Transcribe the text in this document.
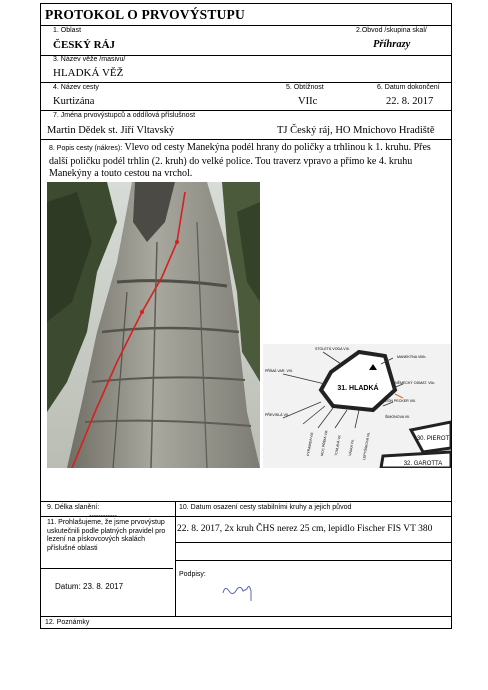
PROTOKOL O PRVOVÝSTUPU
1. Oblast
ČESKÝ RÁJ
2.Obvod /skupina skal/
Příhrazy
3. Název věže /masivu/
HLADKÁ VĚŽ
4. Název cesty
Kurtizána
5. Obtížnost
VIIc
6. Datum dokončení
22. 8. 2017
7. Jména prvovýstupců a oddílová příslušnost
Martin Dědek st. Jiří Vltavský	TJ Český ráj, HO Mnichovo Hradiště
8. Popis cesty (nákres): Vlevo od cesty Manekýna podél hrany do poličky a trhlinou k 1. kruhu. Přes další poličku podél trhlin (2. kruh) do velké police. Tou traverz vpravo a přímo ke 4. kruhu Manekýny a touto cestou na vrchol.
31. HLADKÁ
30. PIEROT
32. GAROTTA
STOLETÁ VODA VIII.
MANEKÝNA VIIIb.
PŘÍMÁ VAR. VIII.
NĚMECKÝ ODMAT. VIIc.
PŘEVISLÁ VII.
DON PECKER VIII.
ŠIMONOVA VII.
PYRAMIDA VIII. MOC PŘÍMÁ VIII. TOULAVÁ VII. VÁLKA VII. LEPTŮSKOVA VII.
9. Délka slanění:
------------
10. Datum osazení cesty stabilními kruhy a jejich původ
11. Prohlašujeme, že jsme prvovýstup uskutečnili podle platných pravidel pro lezení na pískovcových skalách příslušné oblasti
22. 8. 2017, 2x kruh ČHS nerez 25 cm, lepidlo Fischer FIS VT 380
Datum: 23. 8. 2017
Podpisy:
12. Poznámky
